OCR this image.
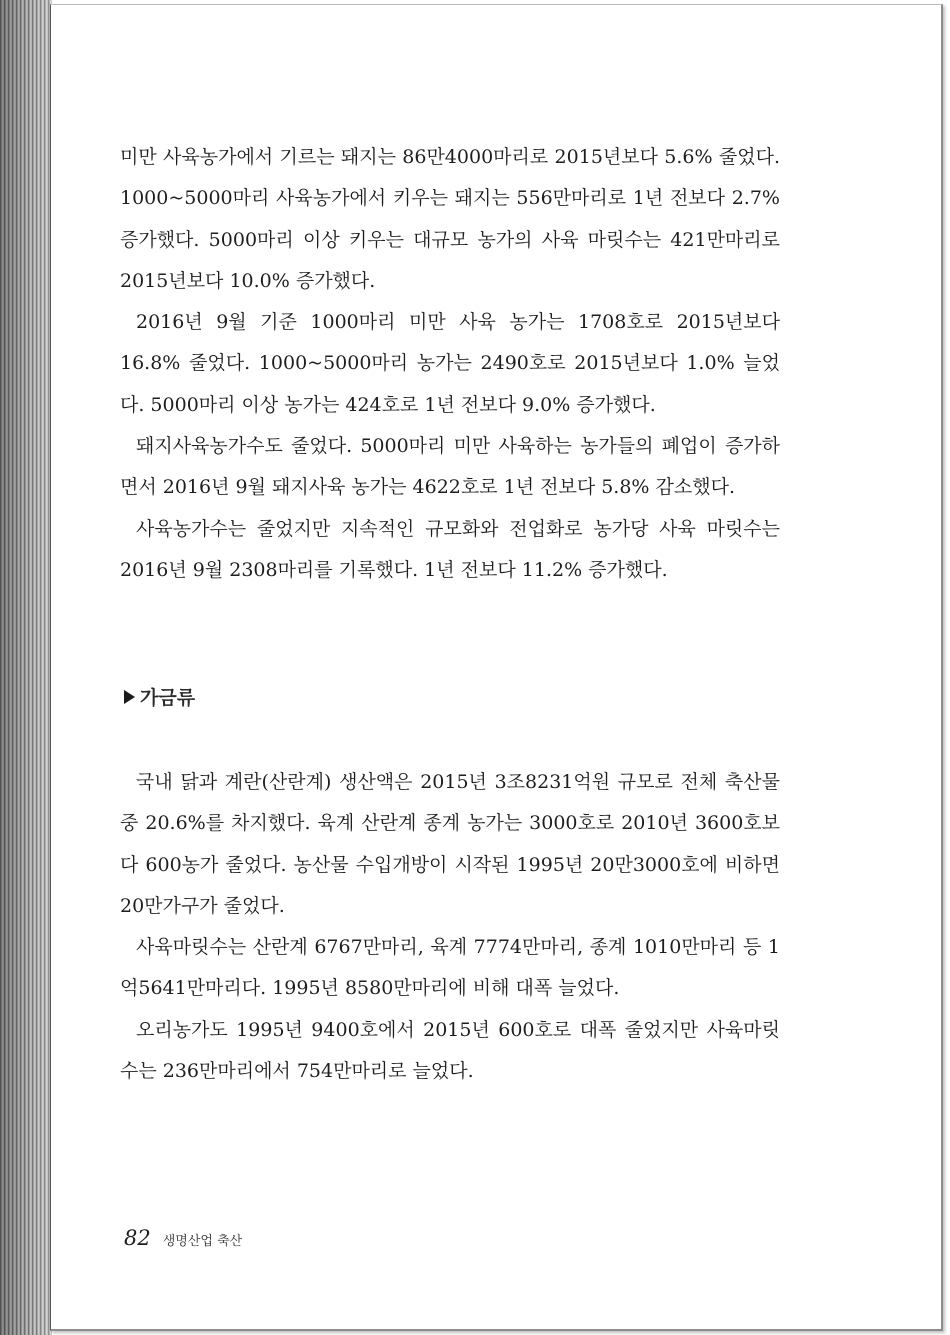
미만 사육농가에서 기르는 돼지는 86만4000마리로 2015년보다 5.6% 줄었다. 1000~5000마리 사육농가에서 키우는 돼지는 556만마리로 1년 전보다 2.7% 증가했다. 5000마리 이상 키우는 대규모 농가의 사육 마릿수는 421만마리로 2015년보다 10.0% 증가했다.

2016년 9월 기준 1000마리 미만 사육 농가는 1708호로 2015년보다 16.8% 줄었다. 1000~5000마리 농가는 2490호로 2015년보다 1.0% 늘었다. 5000마리 이상 농가는 424호로 1년 전보다 9.0% 증가했다.

돼지사육농가수도 줄었다. 5000마리 미만 사육하는 농가들의 폐업이 증가하면서 2016년 9월 돼지사육 농가는 4622호로 1년 전보다 5.8% 감소했다.

사육농가수는 줄었지만 지속적인 규모화와 전업화로 농가당 사육 마릿수는 2016년 9월 2308마리를 기록했다. 1년 전보다 11.2% 증가했다.

가금류

국내 닭과 계란(산란계) 생산액은 2015년 3조8231억원 규모로 전체 축산물 중 20.6%를 차지했다. 육계 산란계 종계 농가는 3000호로 2010년 3600호보다 600농가 줄었다. 농산물 수입개방이 시작된 1995년 20만3000호에 비하면 20만가구가 줄었다.

사육마릿수는 산란계 6767만마리, 육계 7774만마리, 종계 1010만마리 등 1억5641만마리다. 1995년 8580만마리에 비해 대폭 늘었다.

오리농가도 1995년 9400호에서 2015년 600호로 대폭 줄었지만 사육마릿수는 236만마리에서 754만마리로 늘었다.

82 생명산업 축산
